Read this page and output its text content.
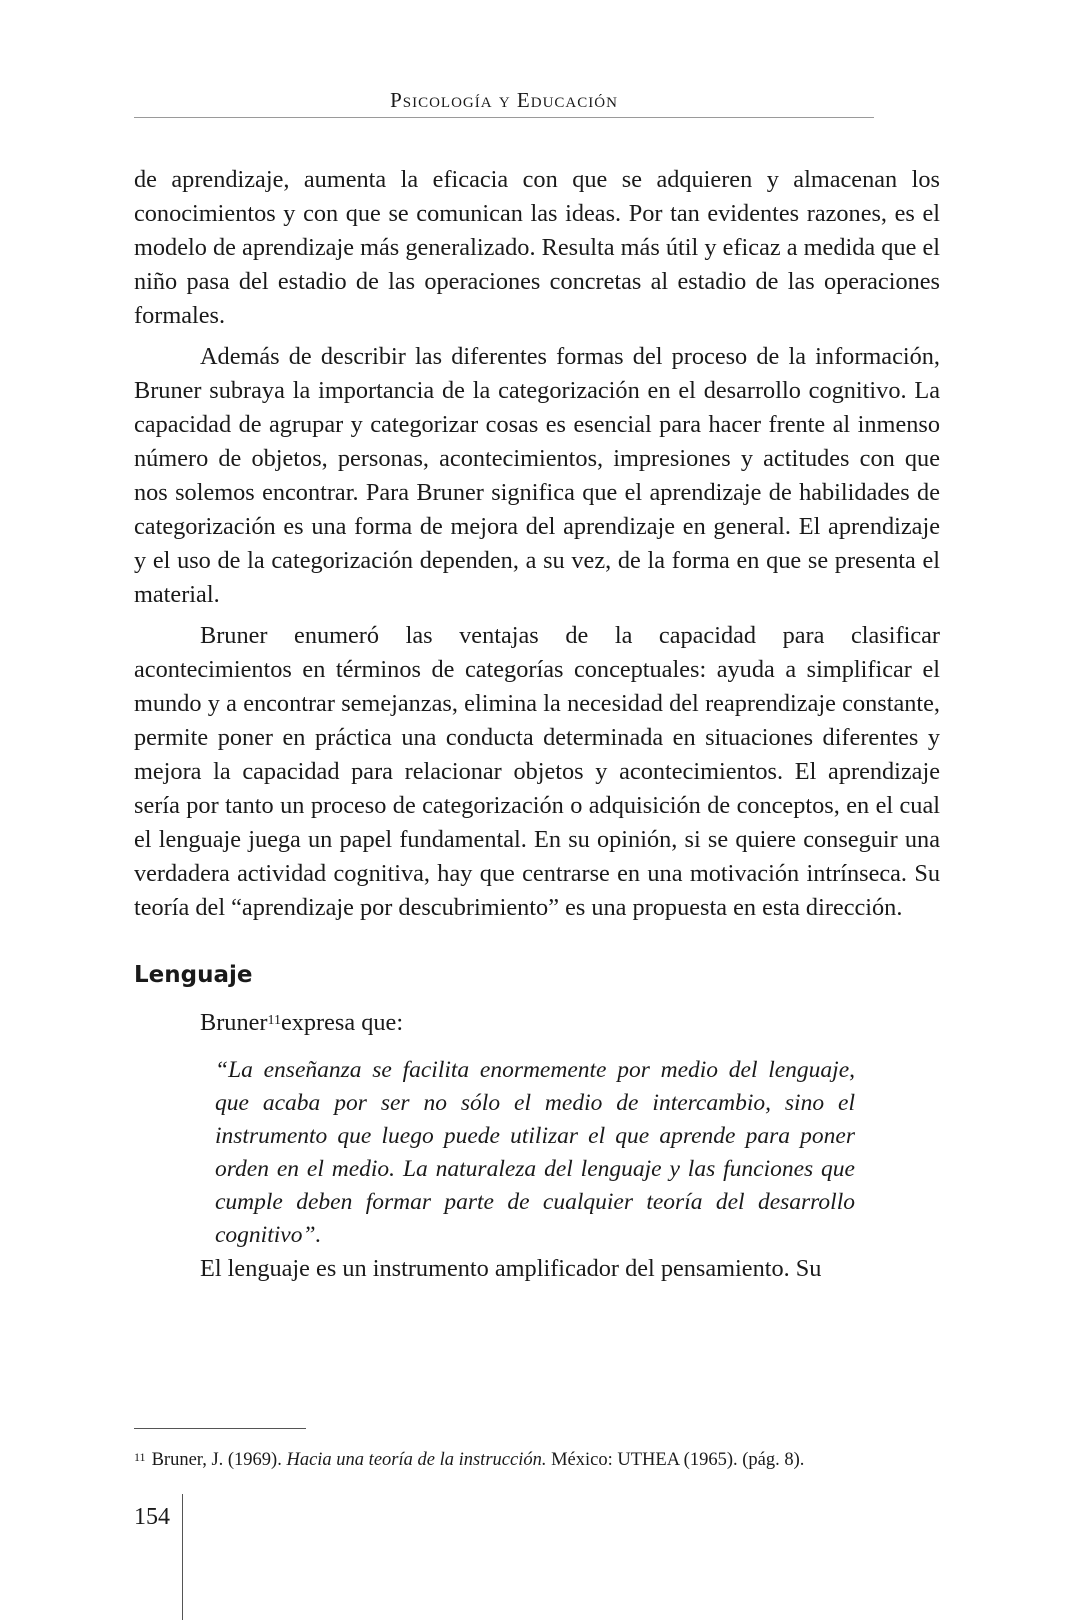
Psicología y Educación

de aprendizaje, aumenta la eficacia con que se adquieren y almacenan los conocimientos y con que se comunican las ideas. Por tan evidentes razones, es el modelo de aprendizaje más generalizado. Resulta más útil y eficaz a medida que el niño pasa del estadio de las operaciones concretas al estadio de las operaciones formales.

Además de describir las diferentes formas del proceso de la información, Bruner subraya la importancia de la categorización en el desarrollo cognitivo. La capacidad de agrupar y categorizar cosas es esencial para hacer frente al inmenso número de objetos, personas, acontecimientos, impresiones y actitudes con que nos solemos encontrar. Para Bruner significa que el aprendizaje de habilidades de categorización es una forma de mejora del aprendizaje en general. El aprendizaje y el uso de la categorización dependen, a su vez, de la forma en que se presenta el material.

Bruner enumeró las ventajas de la capacidad para clasificar acontecimientos en términos de categorías conceptuales: ayuda a simplificar el mundo y a encontrar semejanzas, elimina la necesidad del reaprendizaje constante, permite poner en práctica una conducta determinada en situaciones diferentes y mejora la capacidad para relacionar objetos y acontecimientos. El aprendizaje sería por tanto un proceso de categorización o adquisición de conceptos, en el cual el lenguaje juega un papel fundamental. En su opinión, si se quiere conseguir una verdadera actividad cognitiva, hay que centrarse en una motivación intrínseca. Su teoría del “aprendizaje por descubrimiento” es una propuesta en esta dirección.

Lenguaje

Bruner$^{11}$expresa que:

“La enseñanza se facilita enormemente por medio del lenguaje, que acaba por ser no sólo el medio de intercambio, sino el instrumento que luego puede utilizar el que aprende para poner orden en el medio. La naturaleza del lenguaje y las funciones que cumple deben formar parte de cualquier teoría del desarrollo cognitivo”.

El lenguaje es un instrumento amplificador del pensamiento. Su

$^{11}$ Bruner, J. (1969). Hacia una teoría de la instrucción. México: UTHEA (1965). (pág. 8).
154
